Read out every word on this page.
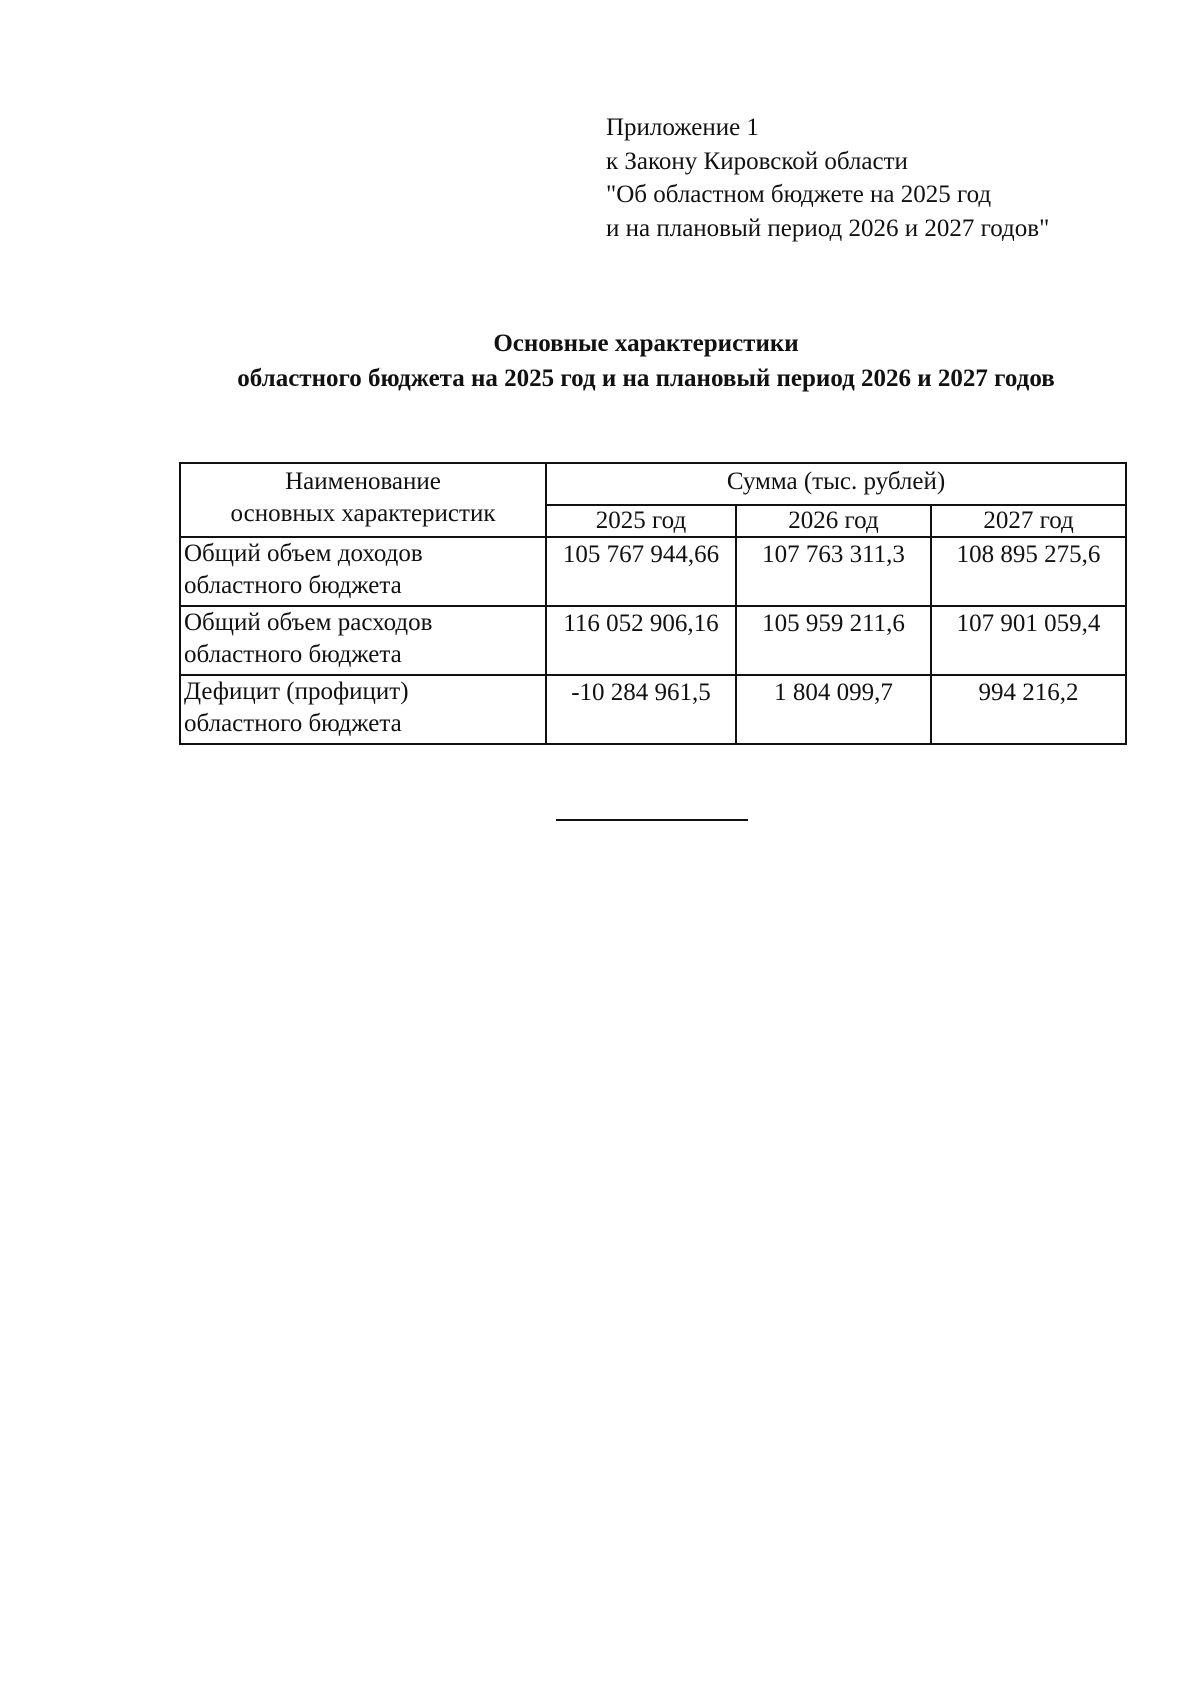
Приложение 1
к Закону Кировской области
"Об областном бюджете на 2025 год
и на плановый период 2026 и 2027 годов"
Основные характеристики
областного бюджета на 2025 год и на плановый период 2026 и 2027 годов
Наименование
основных характеристик	Сумма (тыс. рублей)		
	2025 год	2026 год	2027 год

Общий объем доходов
областного бюджета	105 767 944,66	107 763 311,3	108 895 275,6

Общий объем расходов
областного бюджета	116 052 906,16	105 959 211,6	107 901 059,4

Дефицит (профицит)
областного бюджета	-10 284 961,5	1 804 099,7	994 216,2
